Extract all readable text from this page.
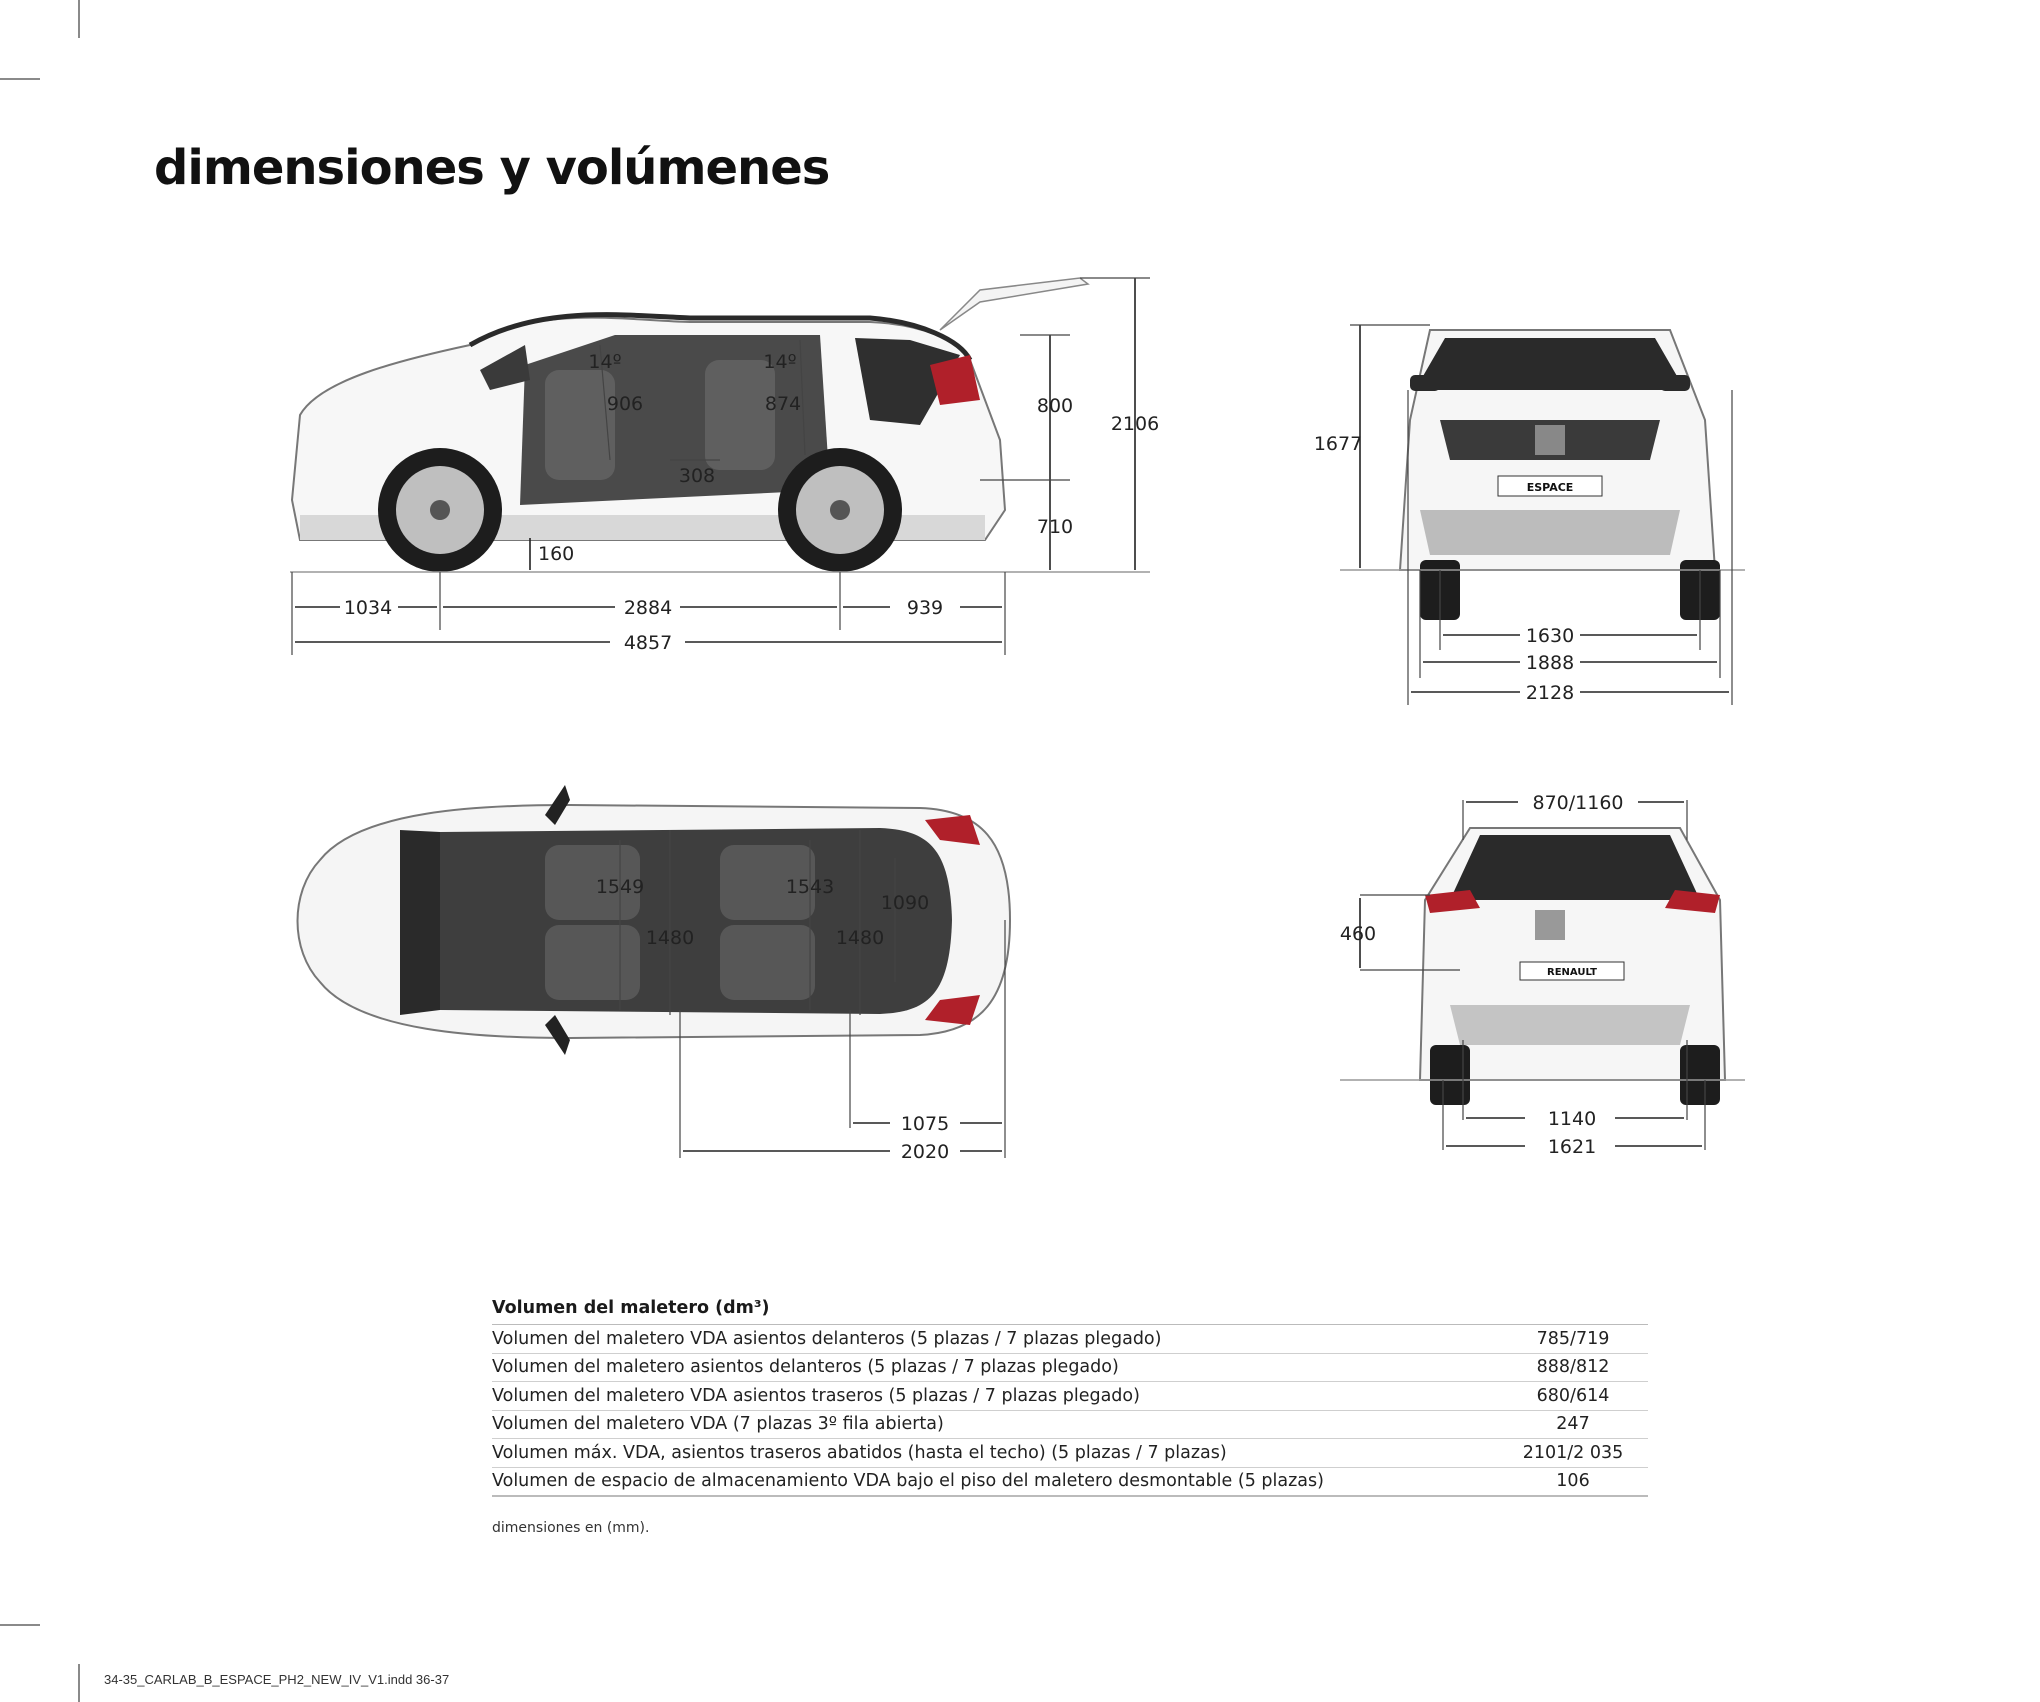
dimensiones y volúmenes
14º	14º
906	874
308
160
800
710
2106
1034	2884	939
4857
ESPACE
1677
1630
1888
2128
1549	1543
1480	1480
1090
1075
2020
RENAULT
870/1160
460
1140
1621
Volumen del maletero (dm³)
Volumen del maletero VDA asientos delanteros (5 plazas / 7 plazas plegado)	785/719
Volumen del maletero asientos delanteros (5 plazas / 7 plazas plegado)	888/812
Volumen del maletero VDA asientos traseros (5 plazas / 7 plazas plegado)	680/614
Volumen del maletero VDA (7 plazas 3º fila abierta)	247
Volumen máx. VDA, asientos traseros abatidos (hasta el techo) (5 plazas / 7 plazas)	2101/2 035
Volumen de espacio de almacenamiento VDA bajo el piso del maletero desmontable (5 plazas)	106
dimensiones en (mm).
34-35_CARLAB_B_ESPACE_PH2_NEW_IV_V1.indd 36-37
